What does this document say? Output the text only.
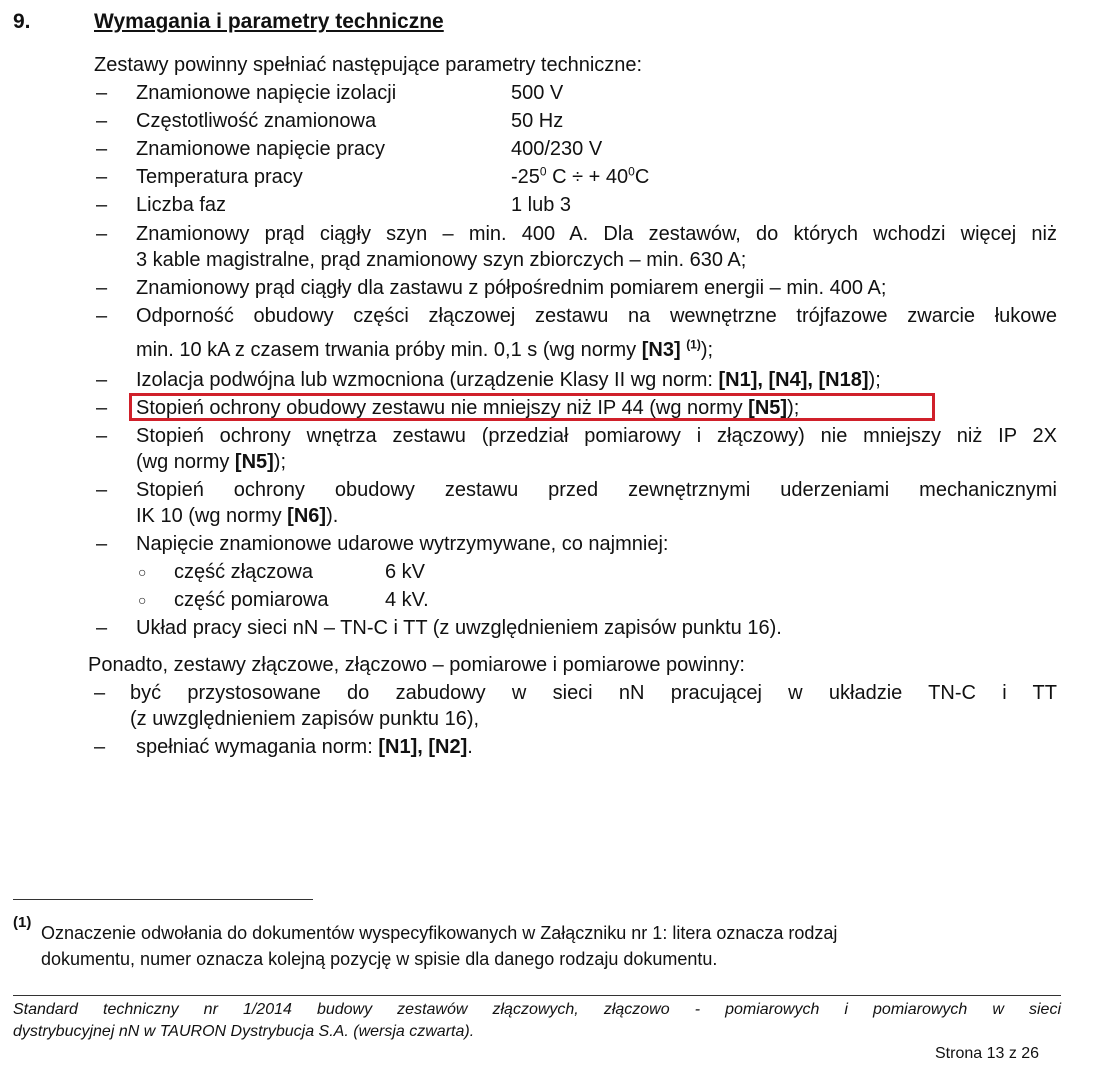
9.	Wymagania i parametry techniczne
Zestawy powinny spełniać następujące parametry techniczne:
– Znamionowe napięcie izolacji	500 V
– Częstotliwość znamionowa	50 Hz
– Znamionowe napięcie pracy	400/230 V
– Temperatura pracy	$-25^0$ C ÷ + $40^0C$
– Liczba faz	1 lub 3
– Znamionowy prąd ciągły szyn – min. 400 A. Dla zestawów, do których wchodzi więcej niż
3 kable magistralne, prąd znamionowy szyn zbiorczych – min. 630 A;
– Znamionowy prąd ciągły dla zastawu z półpośrednim pomiarem energii – min. 400 A;
– Odporność obudowy części złączowej zestawu na wewnętrzne trójfazowe zwarcie łukowe
min. 10 kA z czasem trwania próby min. 0,1 s (wg normy [N3] $^{(1)}$);
– Izolacja podwójna lub wzmocniona (urządzenie Klasy II wg norm: [N1], [N4], [N18]);
– Stopień ochrony obudowy zestawu nie mniejszy niż IP 44 (wg normy [N5]);
– Stopień ochrony wnętrza zestawu (przedział pomiarowy i złączowy) nie mniejszy niż IP 2X
(wg normy [N5]);
– Stopień ochrony obudowy zestawu przed zewnętrznymi uderzeniami mechanicznymi
IK 10 (wg normy [N6]).
– Napięcie znamionowe udarowe wytrzymywane, co najmniej:
○ część złączowa	6 kV
○ część pomiarowa	4 kV.
– Układ pracy sieci nN – TN-C i TT (z uwzględnieniem zapisów punktu 16).
Ponadto, zestawy złączowe, złączowo – pomiarowe i pomiarowe powinny:
– być przystosowane do zabudowy w sieci nN pracującej w układzie TN-C i TT
(z uwzględnieniem zapisów punktu 16),
– spełniać wymagania norm: [N1], [N2].
(1)
Oznaczenie odwołania do dokumentów wyspecyfikowanych w Załączniku nr 1: litera oznacza rodzaj
dokumentu, numer oznacza kolejną pozycję w spisie dla danego rodzaju dokumentu.
Standard techniczny nr 1/2014 budowy zestawów złączowych, złączowo - pomiarowych i pomiarowych w sieci
dystrybucyjnej nN w TAURON Dystrybucja S.A. (wersja czwarta).
Strona 13 z 26
